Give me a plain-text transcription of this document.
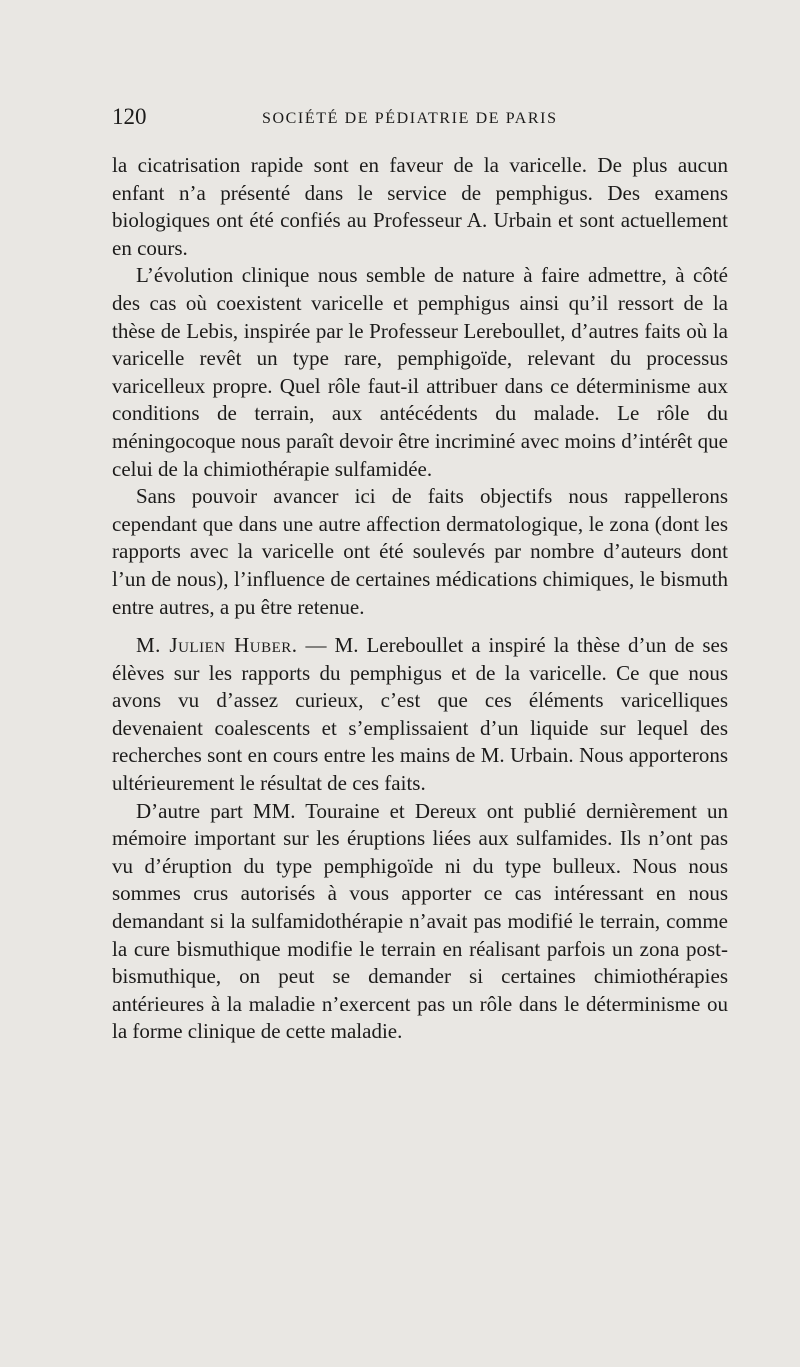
120	SOCIÉTÉ DE PÉDIATRIE DE PARIS

la cicatrisation rapide sont en faveur de la varicelle. De plus aucun enfant n’a présenté dans le service de pemphigus. Des examens biologiques ont été confiés au Professeur A. Urbain et sont actuellement en cours.

L’évolution clinique nous semble de nature à faire admettre, à côté des cas où coexistent varicelle et pemphigus ainsi qu’il ressort de la thèse de Lebis, inspirée par le Professeur Lereboullet, d’autres faits où la varicelle revêt un type rare, pemphigoïde, relevant du processus varicelleux propre. Quel rôle faut-il attribuer dans ce déterminisme aux conditions de terrain, aux antécédents du malade. Le rôle du méningocoque nous paraît devoir être incriminé avec moins d’intérêt que celui de la chimiothérapie sulfamidée.

Sans pouvoir avancer ici de faits objectifs nous rappellerons cependant que dans une autre affection dermatologique, le zona (dont les rapports avec la varicelle ont été soulevés par nombre d’auteurs dont l’un de nous), l’influence de certaines médications chimiques, le bismuth entre autres, a pu être retenue.

M. Julien Huber. — M. Lereboullet a inspiré la thèse d’un de ses élèves sur les rapports du pemphigus et de la varicelle. Ce que nous avons vu d’assez curieux, c’est que ces éléments varicelliques devenaient coalescents et s’emplissaient d’un liquide sur lequel des recherches sont en cours entre les mains de M. Urbain. Nous apporterons ultérieurement le résultat de ces faits.

D’autre part MM. Touraine et Dereux ont publié dernièrement un mémoire important sur les éruptions liées aux sulfamides. Ils n’ont pas vu d’éruption du type pemphigoïde ni du type bulleux. Nous nous sommes crus autorisés à vous apporter ce cas intéressant en nous demandant si la sulfamidothérapie n’avait pas modifié le terrain, comme la cure bismuthique modifie le terrain en réalisant parfois un zona post-bismuthique, on peut se demander si certaines chimiothérapies antérieures à la maladie n’exercent pas un rôle dans le déterminisme ou la forme clinique de cette maladie.
